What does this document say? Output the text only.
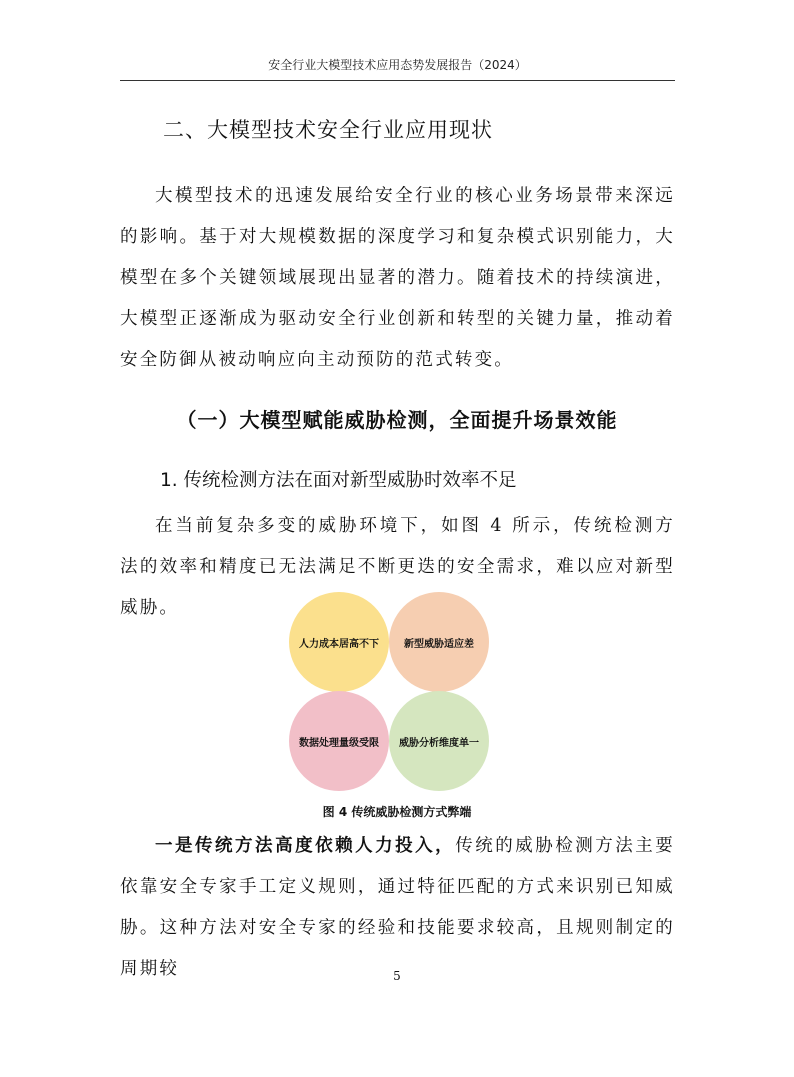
安全行业大模型技术应用态势发展报告（2024）
二、大模型技术安全行业应用现状

大模型技术的迅速发展给安全行业的核心业务场景带来深远的影响。基于对大规模数据的深度学习和复杂模式识别能力，大模型在多个关键领域展现出显著的潜力。随着技术的持续演进，大模型正逐渐成为驱动安全行业创新和转型的关键力量，推动着安全防御从被动响应向主动预防的范式转变。

（一）大模型赋能威胁检测，全面提升场景效能
1. 传统检测方法在面对新型威胁时效率不足

在当前复杂多变的威胁环境下，如图 4 所示，传统检测方法的效率和精度已无法满足不断更迭的安全需求，难以应对新型威胁。

人力成本居高不下	新型威胁适应差
数据处理量级受限 威胁分析维度单一
图 4 传统威胁检测方式弊端

一是传统方法高度依赖人力投入，传统的威胁检测方法主要依靠安全专家手工定义规则，通过特征匹配的方式来识别已知威胁。这种方法对安全专家的经验和技能要求较高，且规则制定的周期较	5
